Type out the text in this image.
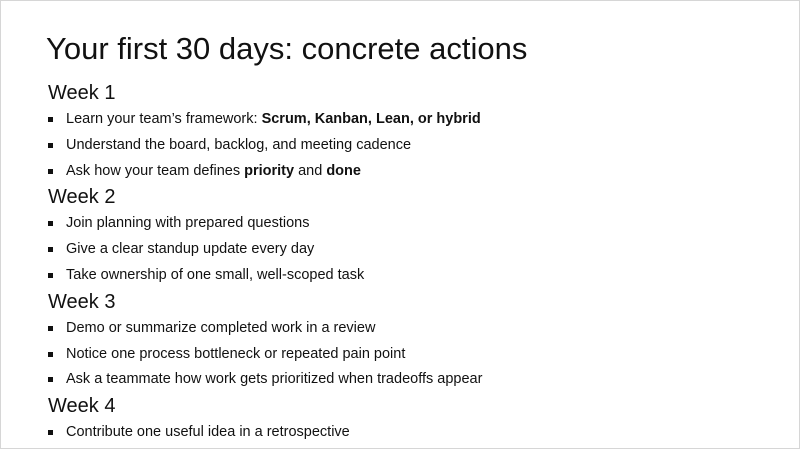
Your first 30 days: concrete actions
Week 1
Learn your team’s framework: Scrum, Kanban, Lean, or hybrid
Understand the board, backlog, and meeting cadence
Ask how your team defines priority and done
Week 2
Join planning with prepared questions
Give a clear standup update every day
Take ownership of one small, well-scoped task
Week 3
Demo or summarize completed work in a review
Notice one process bottleneck or repeated pain point
Ask a teammate how work gets prioritized when tradeoffs appear
Week 4
Contribute one useful idea in a retrospective
